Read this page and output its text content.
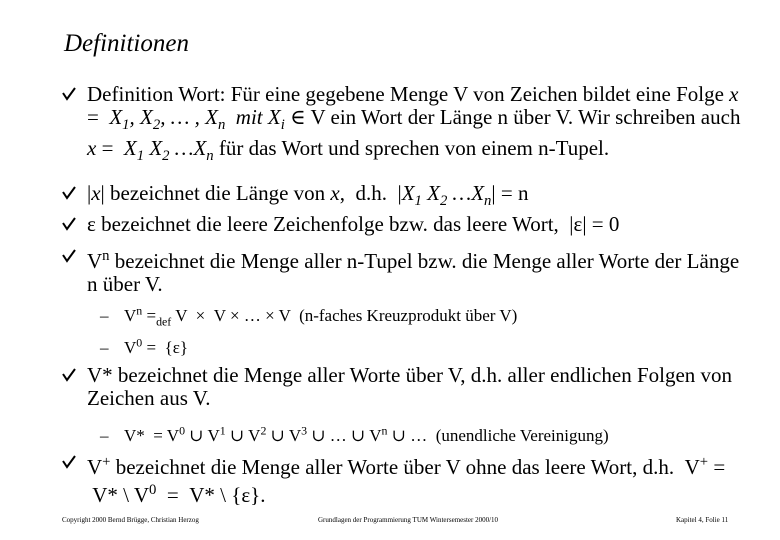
Definitionen
Definition Wort: Für eine gegebene Menge V von Zeichen bildet eine Folge $x = X_1$, $X_2$, … , $X_n$  mit $X_i$ ∈ V ein Wort der Länge n über V. Wir schreiben auch $x = X_1$ $X_2$ $\dots X_n$ für das Wort und sprechen von einem n-Tupel.
|x| bezeichnet die Länge von x,  d.h.  $|X_1$ $X_2$ $\dots X_n| = n$
ε bezeichnet die leere Zeichenfolge bzw. das leere Wort,  |ε| = 0
$V^n$ bezeichnet die Menge aller n-Tupel bzw. die Menge aller Worte der Länge n über V.
– $V^n =_{def}$ V  ×  V × … × V  (n-faches Kreuzprodukt über V)
– $V^0 = \{\varepsilon\}$
V* bezeichnet die Menge aller Worte über V, d.h. aller endlichen Folgen von Zeichen aus V.
– $V* = V^0$ ∪ $V^1$ ∪ $V^2$ ∪ $V^3$ ∪ … ∪ $V^n$ ∪ …  (unendliche Vereinigung)
V+ bezeichnet die Menge aller Worte über V ohne das leere Wort, d.h.  V+ =  V* \ $V^0 = V*$ \ {ε}.
Copyright 2000 Bernd Brügge, Christian Herzog	Grundlagen der Programmierung TUM Wintersemester 2000/10	Kapitel 4, Folie 11
